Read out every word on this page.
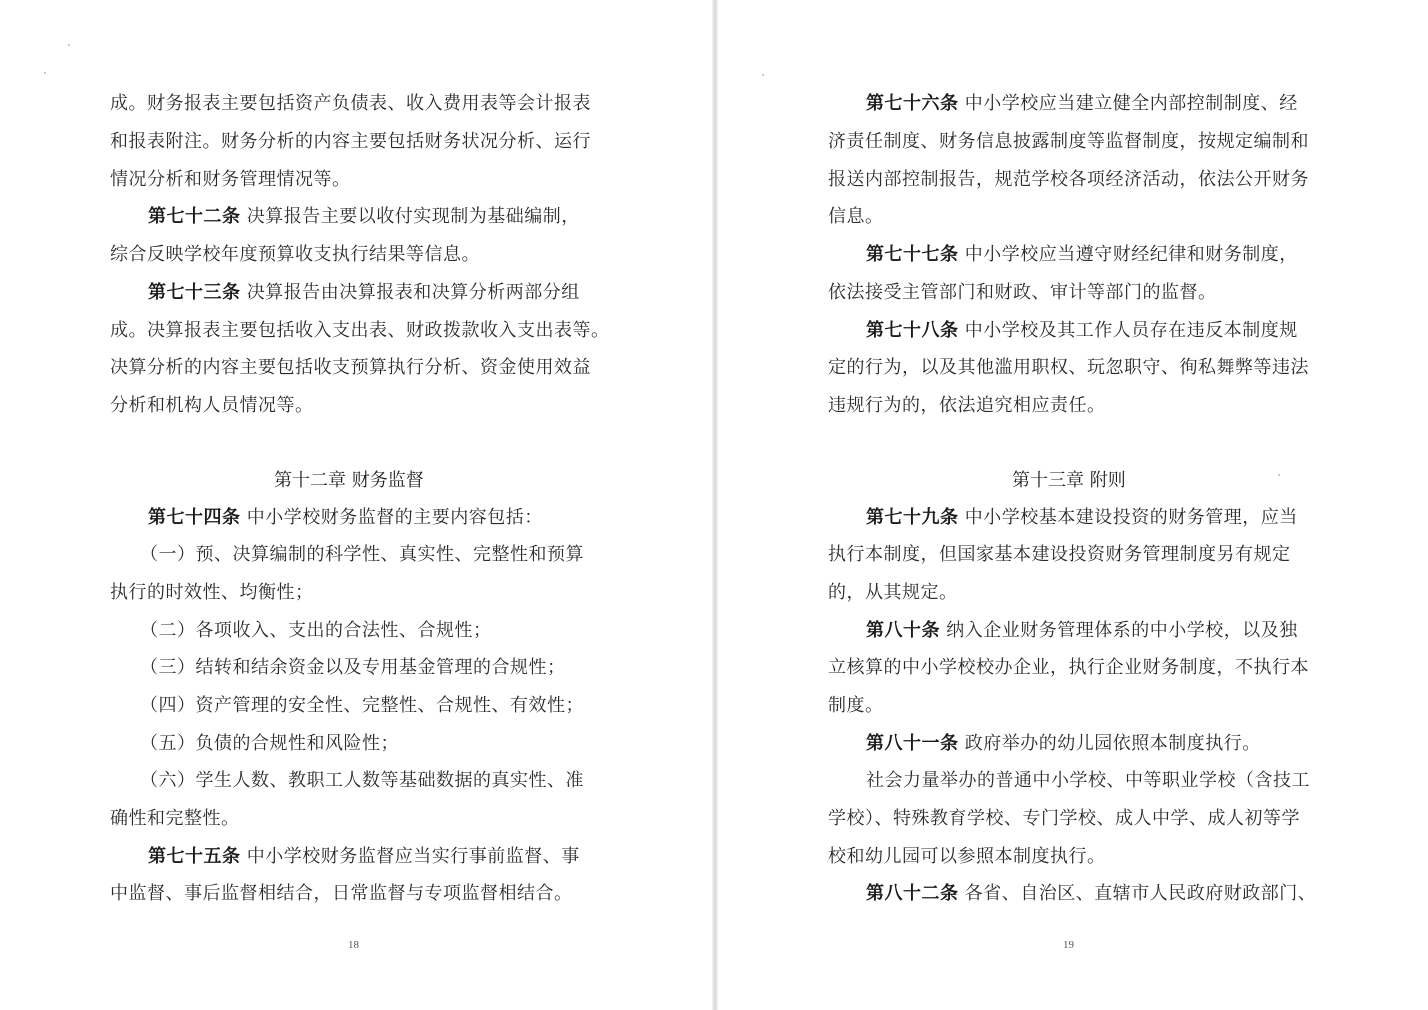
成。财务报表主要包括资产负债表、收入费用表等会计报表
和报表附注。财务分析的内容主要包括财务状况分析、运行
情况分析和财务管理情况等。
第七十二条 决算报告主要以收付实现制为基础编制，
综合反映学校年度预算收支执行结果等信息。
第七十三条 决算报告由决算报表和决算分析两部分组
成。决算报表主要包括收入支出表、财政拨款收入支出表等。
决算分析的内容主要包括收支预算执行分析、资金使用效益
分析和机构人员情况等。
第十二章 财务监督
第七十四条 中小学校财务监督的主要内容包括：
（一）预、决算编制的科学性、真实性、完整性和预算
执行的时效性、均衡性；
（二）各项收入、支出的合法性、合规性；
（三）结转和结余资金以及专用基金管理的合规性；
（四）资产管理的安全性、完整性、合规性、有效性；
（五）负债的合规性和风险性；
（六）学生人数、教职工人数等基础数据的真实性、准
确性和完整性。
第七十五条 中小学校财务监督应当实行事前监督、事
中监督、事后监督相结合，日常监督与专项监督相结合。
18
第七十六条 中小学校应当建立健全内部控制制度、经
济责任制度、财务信息披露制度等监督制度，按规定编制和
报送内部控制报告，规范学校各项经济活动，依法公开财务
信息。
第七十七条 中小学校应当遵守财经纪律和财务制度，
依法接受主管部门和财政、审计等部门的监督。
第七十八条 中小学校及其工作人员存在违反本制度规
定的行为，以及其他滥用职权、玩忽职守、徇私舞弊等违法
违规行为的，依法追究相应责任。
第十三章 附则
第七十九条 中小学校基本建设投资的财务管理，应当
执行本制度，但国家基本建设投资财务管理制度另有规定
的，从其规定。
第八十条 纳入企业财务管理体系的中小学校，以及独
立核算的中小学校校办企业，执行企业财务制度，不执行本
制度。
第八十一条 政府举办的幼儿园依照本制度执行。
社会力量举办的普通中小学校、中等职业学校（含技工
学校）、特殊教育学校、专门学校、成人中学、成人初等学
校和幼儿园可以参照本制度执行。
第八十二条 各省、自治区、直辖市人民政府财政部门、
19
